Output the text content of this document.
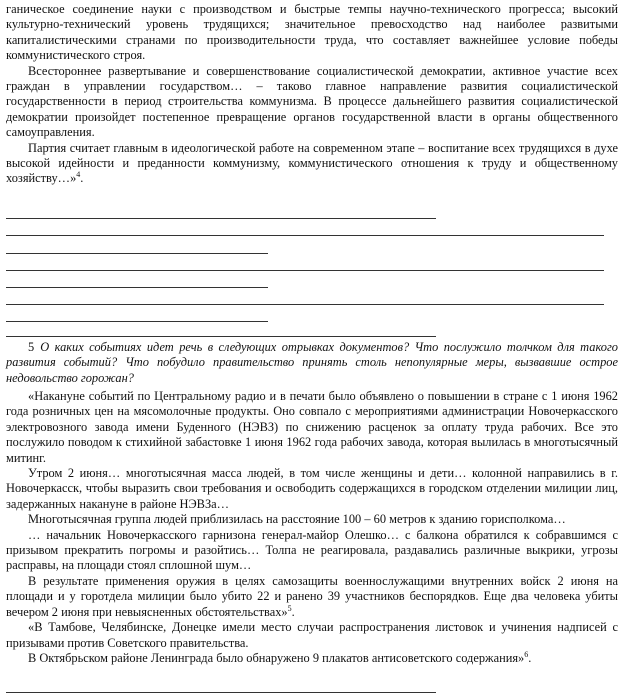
ганическое соединение науки с производством и быстрые темпы научно-технического прогресса; высокий культурно-технический уровень трудящихся; значительное превосходство над наиболее развитыми капиталистическими странами по производительности труда, что составляет важнейшее условие победы коммунистического строя.

Всестороннее развертывание и совершенствование социалистической демократии, активное участие всех граждан в управлении государством… – таково главное направление развития социалистической государственности в период строительства коммунизма. В процессе дальнейшего развития социалистической демократии произойдет постепенное превращение органов государственной власти в органы общественного самоуправления.

Партия считает главным в идеологической работе на современном этапе – воспитание всех трудящихся в духе высокой идейности и преданности коммунизму, коммунистического отношения к труду и общественному хозяйству…»$^4$.

5 О каких событиях идет речь в следующих отрывках документов? Что послужило толчком для такого развития событий? Что побудило правительство принять столь непопулярные меры, вызвавшие острое недовольство горожан?

«Накануне событий по Центральному радио и в печати было объявлено о повышении в стране с 1 июня 1962 года розничных цен на мясомолочные продукты. Оно совпало с мероприятиями администрации Новочеркасского электровозного завода имени Буденного (НЭВЗ) по снижению расценок за оплату труда рабочих. Все это послужило поводом к стихийной забастовке 1 июня 1962 года рабочих завода, которая вылилась в многотысячный митинг.

Утром 2 июня… многотысячная масса людей, в том числе женщины и дети… колонной направились в г. Новочеркасск, чтобы выразить свои требования и освободить содержащихся в городском отделении милиции лиц, задержанных накануне в районе НЭВЗа…

Многотысячная группа людей приблизилась на расстояние 100 – 60 метров к зданию горисполкома…

… начальник Новочеркасского гарнизона генерал-майор Олешко… с балкона обратился к собравшимся с призывом прекратить погромы и разойтись… Толпа не реагировала, раздавались различные выкрики, угрозы расправы, на площади стоял сплошной шум…

В результате применения оружия в целях самозащиты военнослужащими внутренних войск 2 июня на площади и у горотдела милиции было убито 22 и ранено 39 участников беспорядков. Еще два человека убиты вечером 2 июня при невыясненных обстоятельствах»$^5$.

«В Тамбове, Челябинске, Донецке имели место случаи распространения листовок и учинения надписей с призывами против Советского правительства.

В Октябрьском районе Ленинграда было обнаружено 9 плакатов антисоветского содержания»$^6$.
